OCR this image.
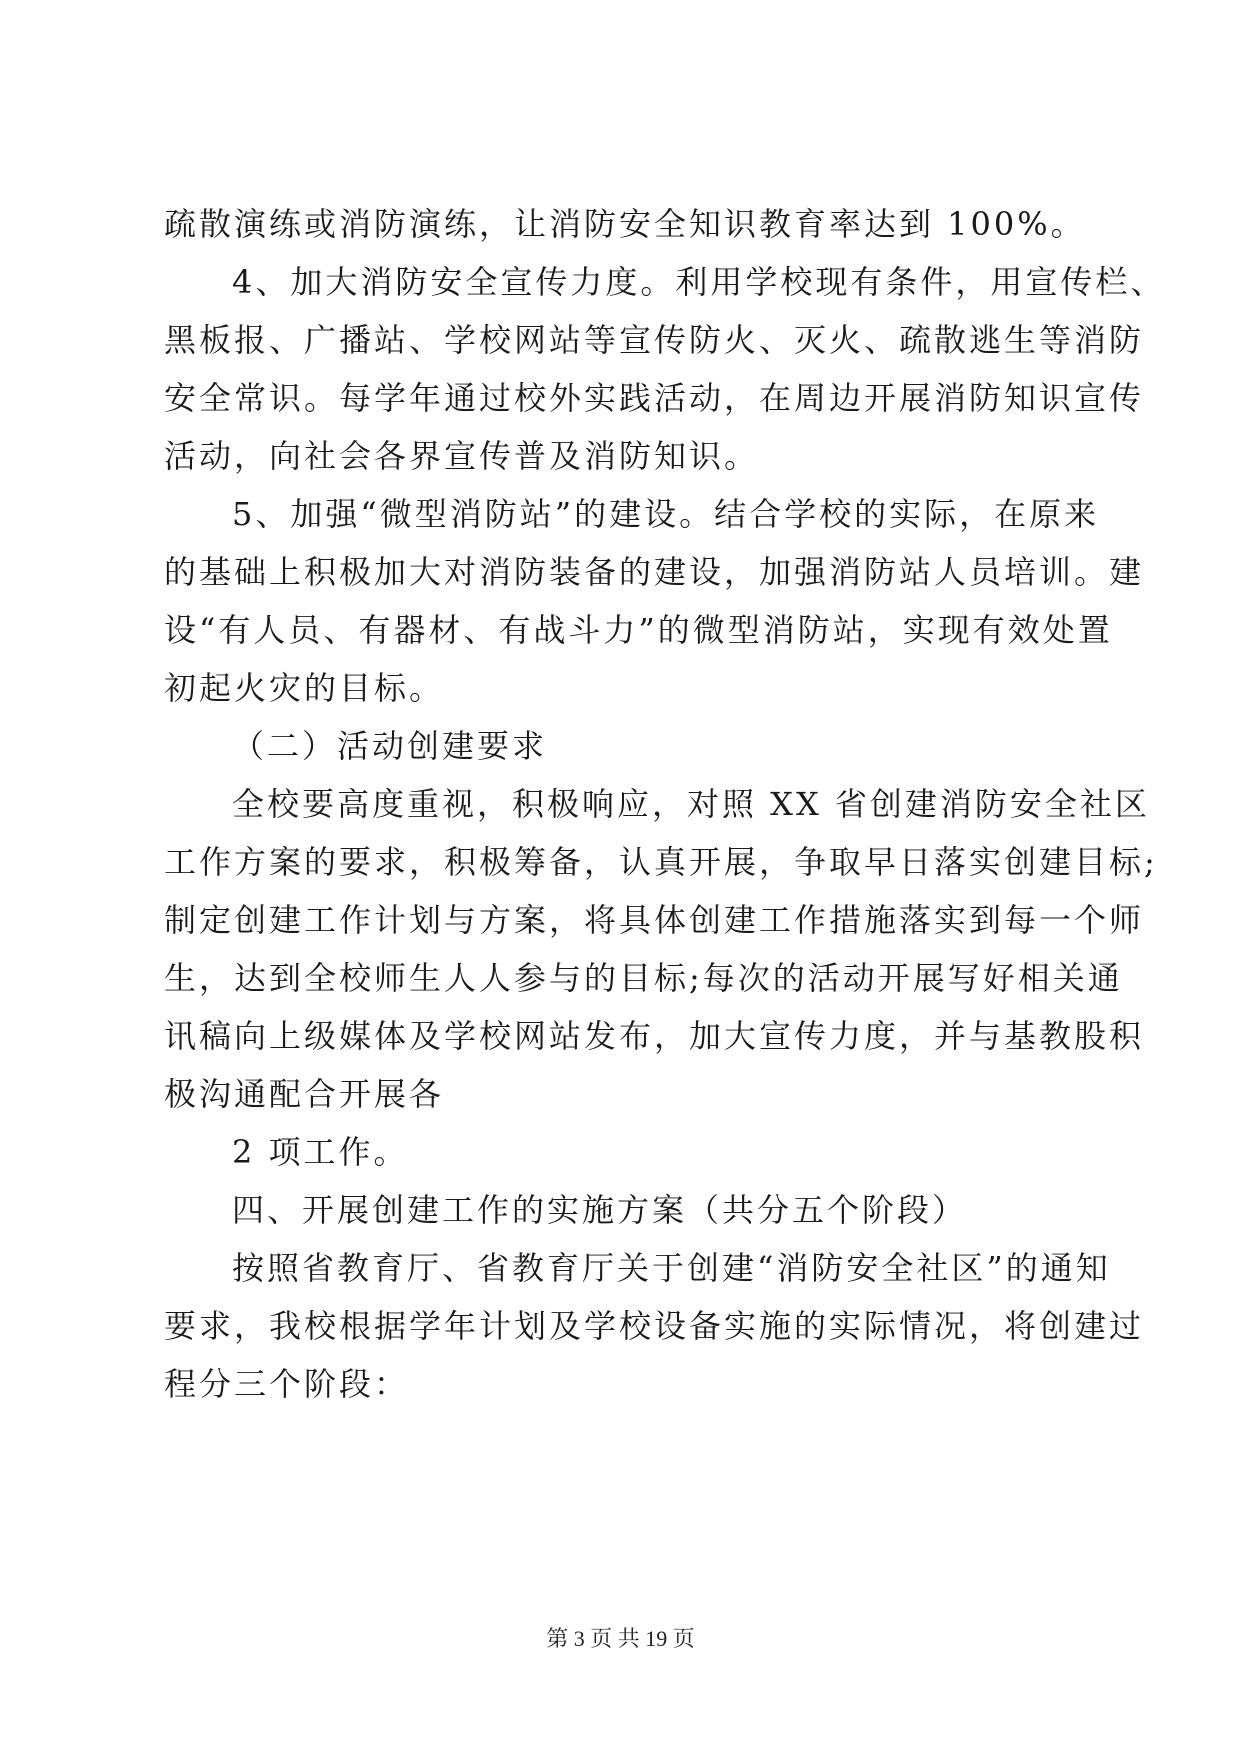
疏散演练或消防演练，让消防安全知识教育率达到 100%。
4、加大消防安全宣传力度。利用学校现有条件，用宣传栏、
黑板报、广播站、学校网站等宣传防火、灭火、疏散逃生等消防
安全常识。每学年通过校外实践活动，在周边开展消防知识宣传
活动，向社会各界宣传普及消防知识。
5、加强“微型消防站”的建设。结合学校的实际，在原来
的基础上积极加大对消防装备的建设，加强消防站人员培训。建
设“有人员、有器材、有战斗力”的微型消防站，实现有效处置
初起火灾的目标。
（二）活动创建要求
全校要高度重视，积极响应，对照 XX 省创建消防安全社区
工作方案的要求，积极筹备，认真开展，争取早日落实创建目标;
制定创建工作计划与方案，将具体创建工作措施落实到每一个师
生，达到全校师生人人参与的目标;每次的活动开展写好相关通
讯稿向上级媒体及学校网站发布，加大宣传力度，并与基教股积
极沟通配合开展各
2 项工作。
四、开展创建工作的实施方案（共分五个阶段）
按照省教育厅、省教育厅关于创建“消防安全社区”的通知
要求，我校根据学年计划及学校设备实施的实际情况，将创建过
程分三个阶段：
第 3 页 共 19 页
